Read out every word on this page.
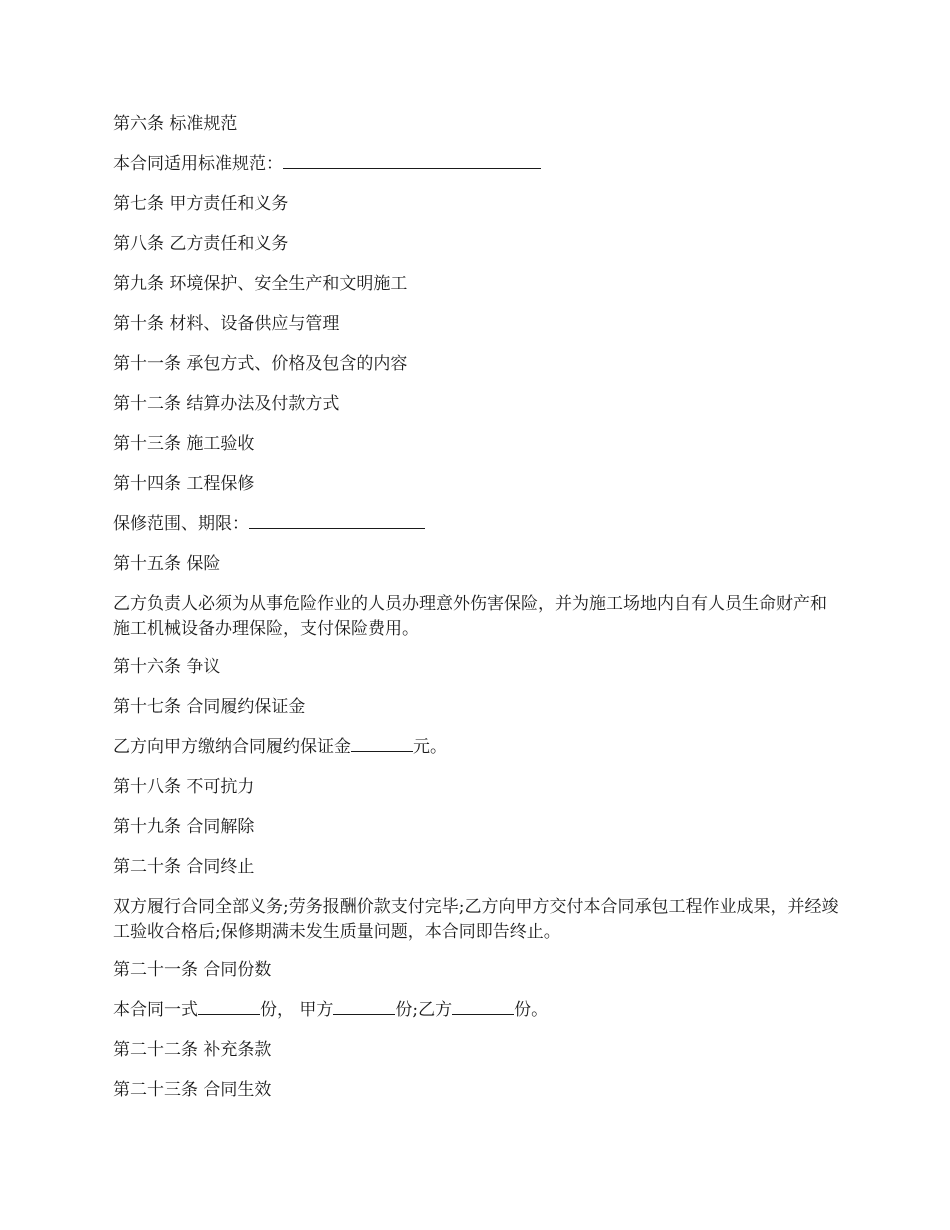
第六条 标准规范

本合同适用标准规范：

第七条 甲方责任和义务

第八条 乙方责任和义务

第九条 环境保护、安全生产和文明施工

第十条 材料、设备供应与管理

第十一条 承包方式、价格及包含的内容

第十二条 结算办法及付款方式

第十三条 施工验收

第十四条 工程保修

保修范围、期限：

第十五条 保险

乙方负责人必须为从事危险作业的人员办理意外伤害保险，并为施工场地内自有人员生命财产和施工机械设备办理保险，支付保险费用。

第十六条 争议

第十七条 合同履约保证金

乙方向甲方缴纳合同履约保证金	元。

第十八条 不可抗力

第十九条 合同解除

第二十条 合同终止

双方履行合同全部义务;劳务报酬价款支付完毕;乙方向甲方交付本合同承包工程作业成果，并经竣工验收合格后;保修期满未发生质量问题，本合同即告终止。

第二十一条 合同份数

本合同一式	份， 甲方	份;乙方	份。

第二十二条 补充条款

第二十三条 合同生效
